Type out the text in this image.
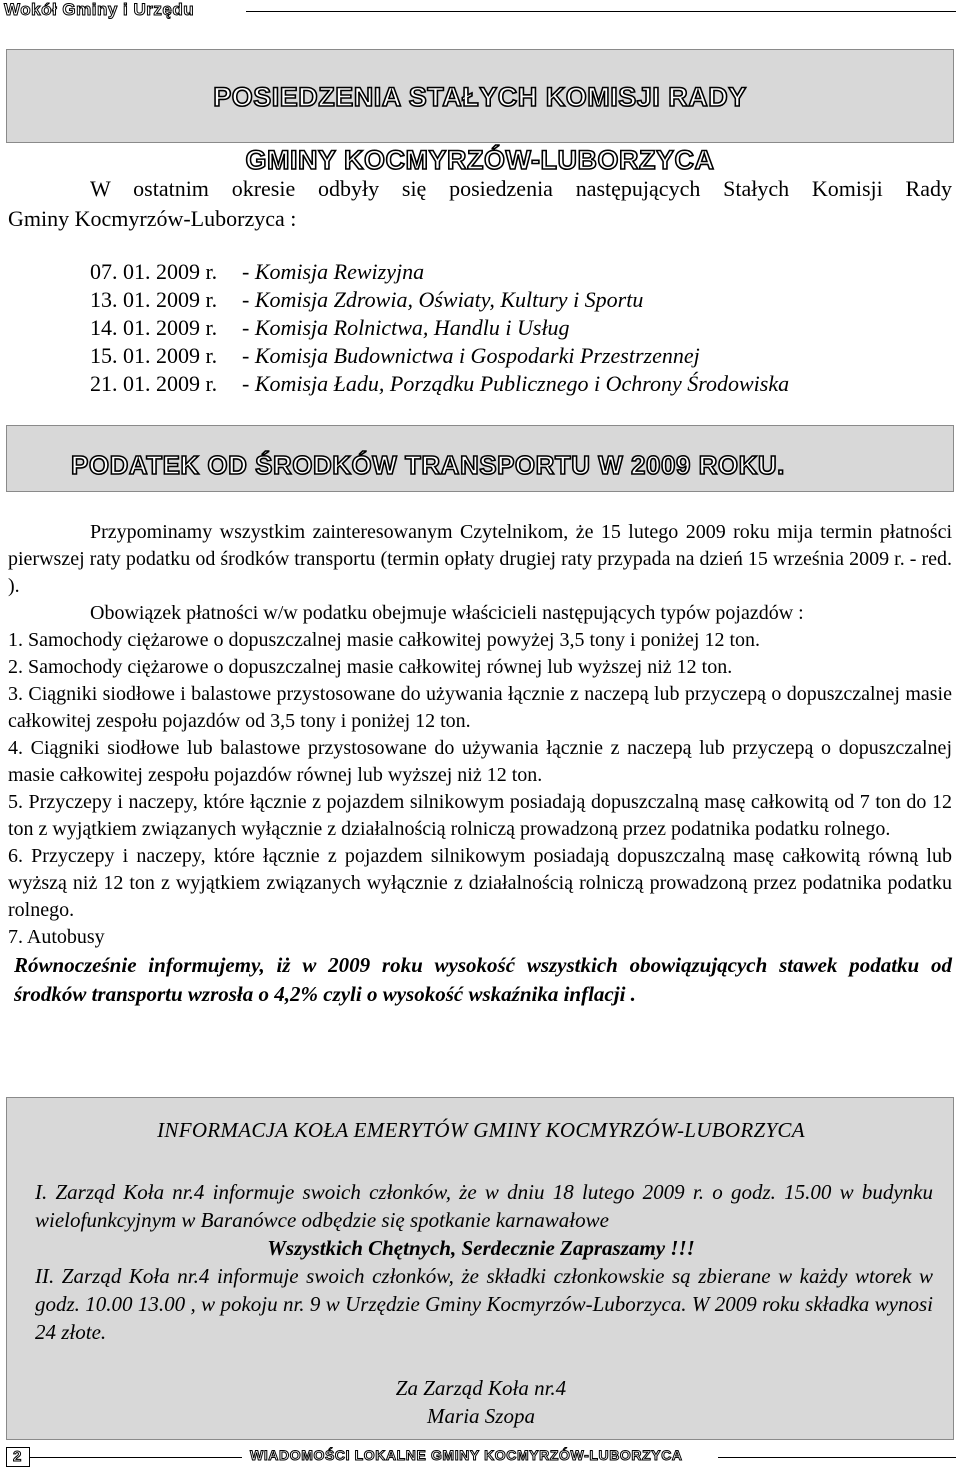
Wokół Gminy i Urzędu
POSIEDZENIA STAŁYCH KOMISJI RADY
GMINY KOCMYRZÓW-LUBORZYCA
W ostatnim okresie odbyły się posiedzenia następujących Stałych Komisji Rady
Gminy Kocmyrzów-Luborzyca :
07. 01. 2009 r. - Komisja Rewizyjna
13. 01. 2009 r. - Komisja Zdrowia, Oświaty, Kultury i Sportu
14. 01. 2009 r. - Komisja Rolnictwa, Handlu i Usług
15. 01. 2009 r. - Komisja Budownictwa i Gospodarki Przestrzennej
21. 01. 2009 r. - Komisja Ładu, Porządku Publicznego i Ochrony Środowiska
PODATEK OD ŚRODKÓW TRANSPORTU W 2009 ROKU.

Przypominamy wszystkim zainteresowanym Czytelnikom, że 15 lutego 2009 roku mija termin płatności pierwszej raty podatku od środków transportu (termin opłaty drugiej raty przypada na dzień 15 września 2009 r. - red. ).

Obowiązek płatności w/w podatku obejmuje właścicieli następujących typów pojazdów :

1. Samochody ciężarowe o dopuszczalnej masie całkowitej powyżej 3,5 tony i poniżej 12 ton.

2. Samochody ciężarowe o dopuszczalnej masie całkowitej równej lub wyższej niż 12 ton.

3. Ciągniki siodłowe i balastowe przystosowane do używania łącznie z naczepą lub przyczepą o dopuszczalnej masie całkowitej zespołu pojazdów od 3,5 tony i poniżej 12 ton.

4. Ciągniki siodłowe lub balastowe przystosowane do używania łącznie z naczepą lub przyczepą o dopuszczalnej masie całkowitej zespołu pojazdów równej lub wyższej niż 12 ton.

5. Przyczepy i naczepy, które łącznie z pojazdem silnikowym posiadają dopuszczalną masę całkowitą od 7 ton do 12 ton z wyjątkiem związanych wyłącznie z działalnością rolniczą prowadzoną przez podatnika podatku rolnego.

6. Przyczepy i naczepy, które łącznie z pojazdem silnikowym posiadają dopuszczalną masę całkowitą równą lub wyższą niż 12 ton z wyjątkiem związanych wyłącznie z działalnością rolniczą prowadzoną przez podatnika podatku rolnego.

7. Autobusy

Równocześnie informujemy, iż w 2009 roku wysokość wszystkich obowiązujących stawek podatku od środków transportu wzrosła o 4,2% czyli o wysokość wskaźnika inflacji .

INFORMACJA KOŁA EMERYTÓW GMINY KOCMYRZÓW-LUBORZYCA
I. Zarząd Koła nr.4 informuje swoich członków, że w dniu 18 lutego 2009 r. o godz. 15.00 w budynku wielofunkcyjnym w Baranówce odbędzie się spotkanie karnawałowe
Wszystkich Chętnych, Serdecznie Zapraszamy !!!
II. Zarząd Koła nr.4 informuje swoich członków, że składki członkowskie są zbierane w każdy wtorek w godz. 10.00 13.00 , w pokoju nr. 9 w Urzędzie Gminy Kocmyrzów-Luborzyca. W 2009 roku składka wynosi 24 złote.
Za Zarząd Koła nr.4
Maria Szopa
2	WIADOMOŚCI LOKALNE GMINY KOCMYRZÓW-LUBORZYCA
